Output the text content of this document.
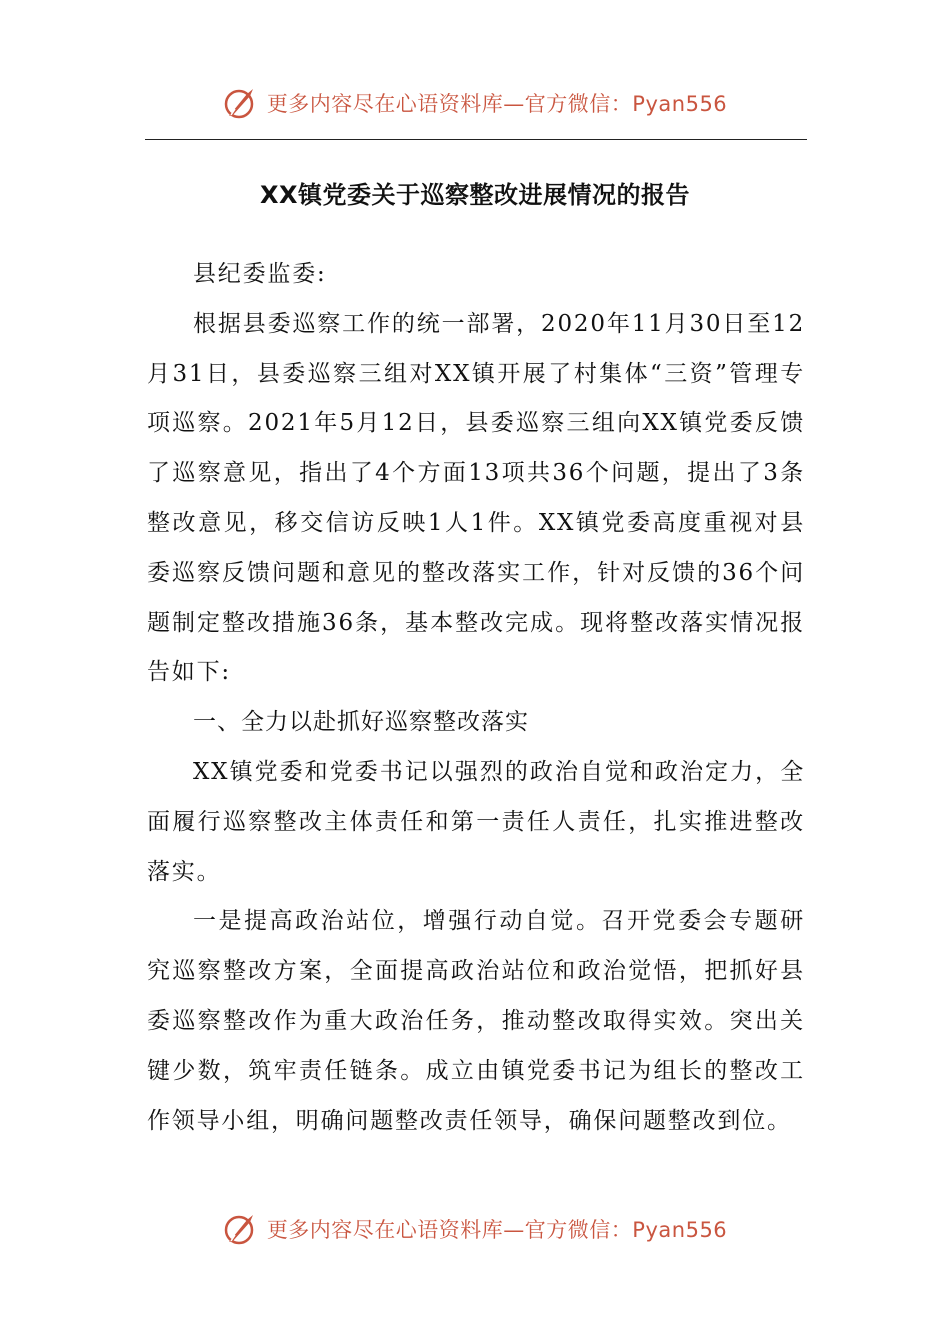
更多内容尽在心语资料库—官方微信：Pyan556
XX镇党委关于巡察整改进展情况的报告

县纪委监委:

根据县委巡察工作的统一部署，2020年11月30日至12月31日，县委巡察三组对XX镇开展了村集体“三资”管理专项巡察。2021年5月12日，县委巡察三组向XX镇党委反馈了巡察意见，指出了4个方面13项共36个问题，提出了3条整改意见，移交信访反映1人1件。XX镇党委高度重视对县委巡察反馈问题和意见的整改落实工作，针对反馈的36个问题制定整改措施36条，基本整改完成。现将整改落实情况报告如下:

一、全力以赴抓好巡察整改落实

XX镇党委和党委书记以强烈的政治自觉和政治定力，全面履行巡察整改主体责任和第一责任人责任，扎实推进整改落实。

一是提高政治站位，增强行动自觉。召开党委会专题研究巡察整改方案，全面提高政治站位和政治觉悟，把抓好县委巡察整改作为重大政治任务，推动整改取得实效。突出关键少数，筑牢责任链条。成立由镇党委书记为组长的整改工作领导小组，明确问题整改责任领导，确保问题整改到位。

更多内容尽在心语资料库—官方微信：Pyan556
